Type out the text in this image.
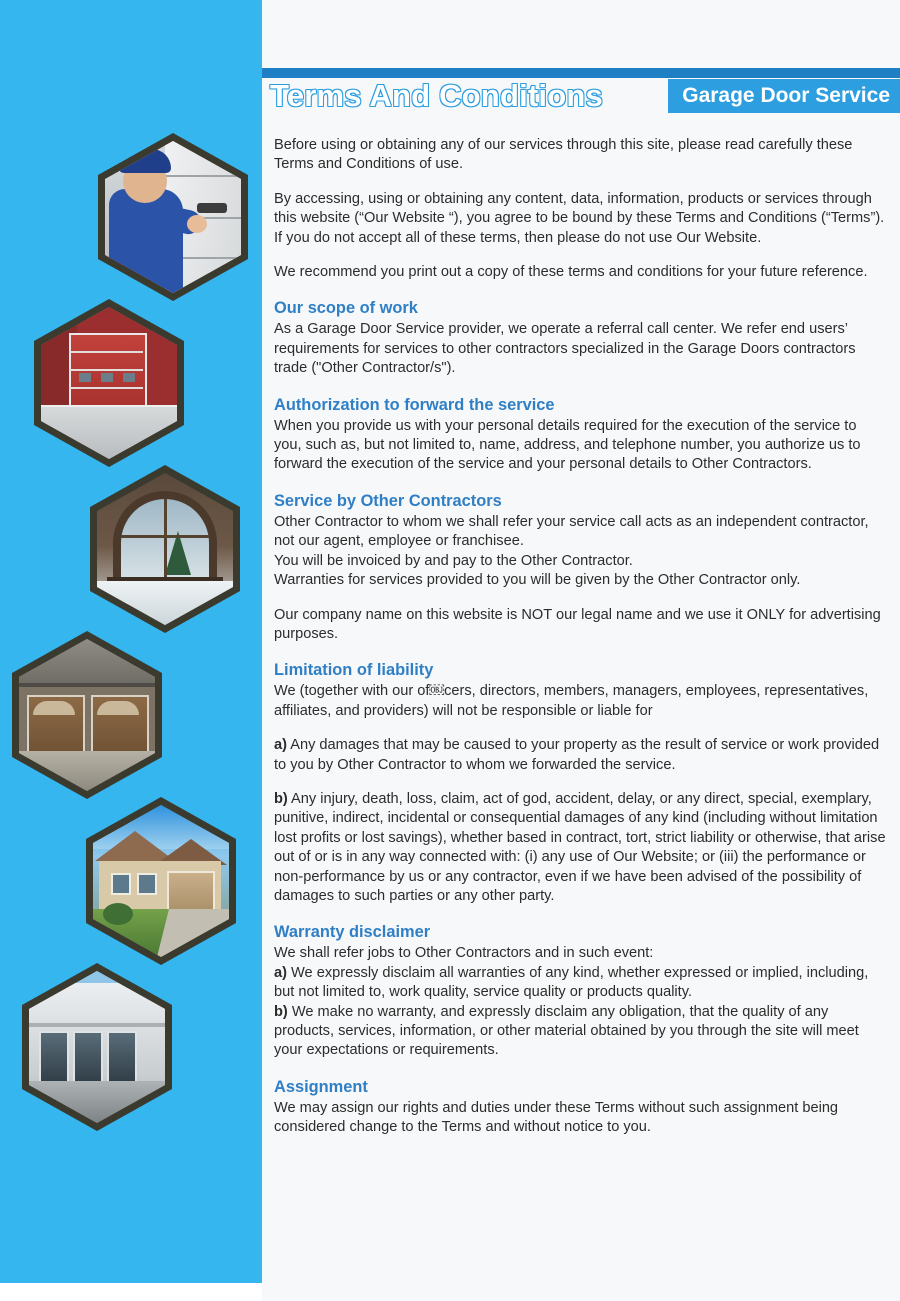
Terms And Conditions	Garage Door Service

Before using or obtaining any of our services through this site, please read carefully these Terms and Conditions of use.

By accessing, using or obtaining any content, data, information, products or services through this website (“Our Website “), you agree to be bound by these Terms and Conditions (“Terms”). If you do not accept all of these terms, then please do not use Our Website.

We recommend you print out a copy of these terms and conditions for your future reference.

Our scope of work

As a Garage Door Service provider, we operate a referral call center. We refer end users’ requirements for services to other contractors specialized in the Garage Doors contractors trade ("Other Contractor/s").

Authorization to forward the service

When you provide us with your personal details required for the execution of the service to you, such as, but not limited to, name, address, and telephone number, you authorize us to forward the execution of the service and your personal details to Other Contractors.

Service by Other Contractors

Other Contractor to whom we shall refer your service call acts as an independent contractor, not our agent, employee or franchisee.

You will be invoiced by and pay to the Other Contractor.

Warranties for services provided to you will be given by the Other Contractor only.

Our company name on this website is NOT our legal name and we use it ONLY for advertising purposes.

Limitation of liability

We (together with our of￼cers, directors, members, managers, employees, representatives, affiliates, and providers) will not be responsible or liable for

a) Any damages that may be caused to your property as the result of service or work provided to you by Other Contractor to whom we forwarded the service.

b) Any injury, death, loss, claim, act of god, accident, delay, or any direct, special, exemplary, punitive, indirect, incidental or consequential damages of any kind (including without limitation lost profits or lost savings), whether based in contract, tort, strict liability or otherwise, that arise out of or is in any way connected with: (i) any use of Our Website; or (iii) the performance or non-performance by us or any contractor, even if we have been advised of the possibility of damages to such parties or any other party.

Warranty disclaimer

We shall refer jobs to Other Contractors and in such event:

a) We expressly disclaim all warranties of any kind, whether expressed or implied, including, but not limited to, work quality, service quality or products quality.

b) We make no warranty, and expressly disclaim any obligation, that the quality of any products, services, information, or other material obtained by you through the site will meet your expectations or requirements.

Assignment

We may assign our rights and duties under these Terms without such assignment being considered change to the Terms and without notice to you.
